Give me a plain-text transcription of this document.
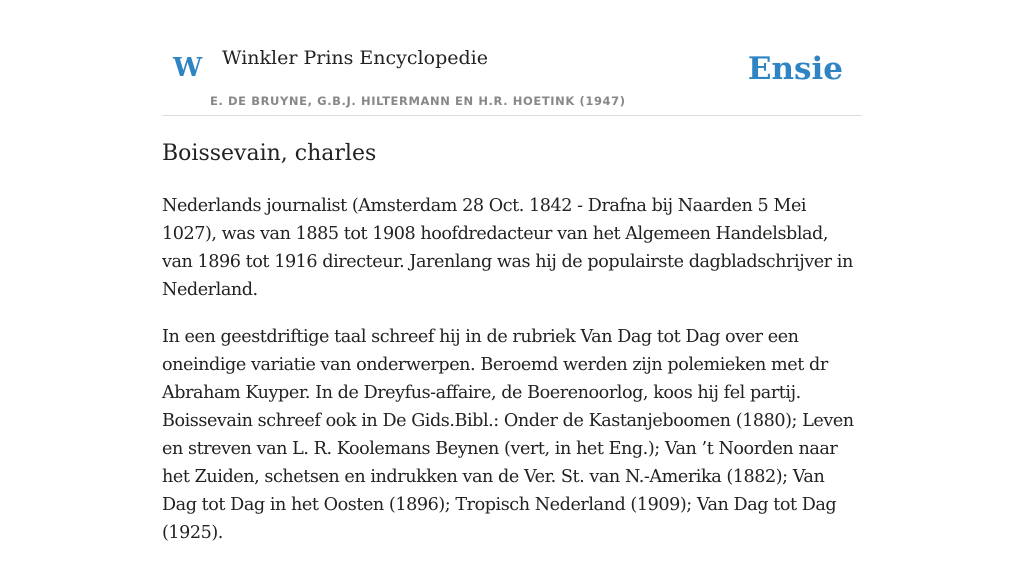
W Winkler Prins Encyclopedie
E. DE BRUYNE, G.B.J. HILTERMANN EN H.R. HOETINK (1947)
Ensie
Boissevain, charles

Nederlands journalist (Amsterdam 28 Oct. 1842 - Drafna bij Naarden 5 Mei 1027), was van 1885 tot 1908 hoofdredacteur van het Algemeen Handelsblad, van 1896 tot 1916 directeur. Jarenlang was hij de populairste dagbladschrijver in Nederland.

In een geestdriftige taal schreef hij in de rubriek Van Dag tot Dag over een oneindige variatie van onderwerpen. Beroemd werden zijn polemieken met dr Abraham Kuyper. In de Dreyfus-affaire, de Boerenoorlog, koos hij fel partij. Boissevain schreef ook in De Gids.Bibl.: Onder de Kastanjeboomen (1880); Leven en streven van L. R. Koolemans Beynen (vert, in het Eng.); Van ’t Noorden naar het Zuiden, schetsen en indrukken van de Ver. St. van N.-Amerika (1882); Van Dag tot Dag in het Oosten (1896); Tropisch Nederland (1909); Van Dag tot Dag (1925).
